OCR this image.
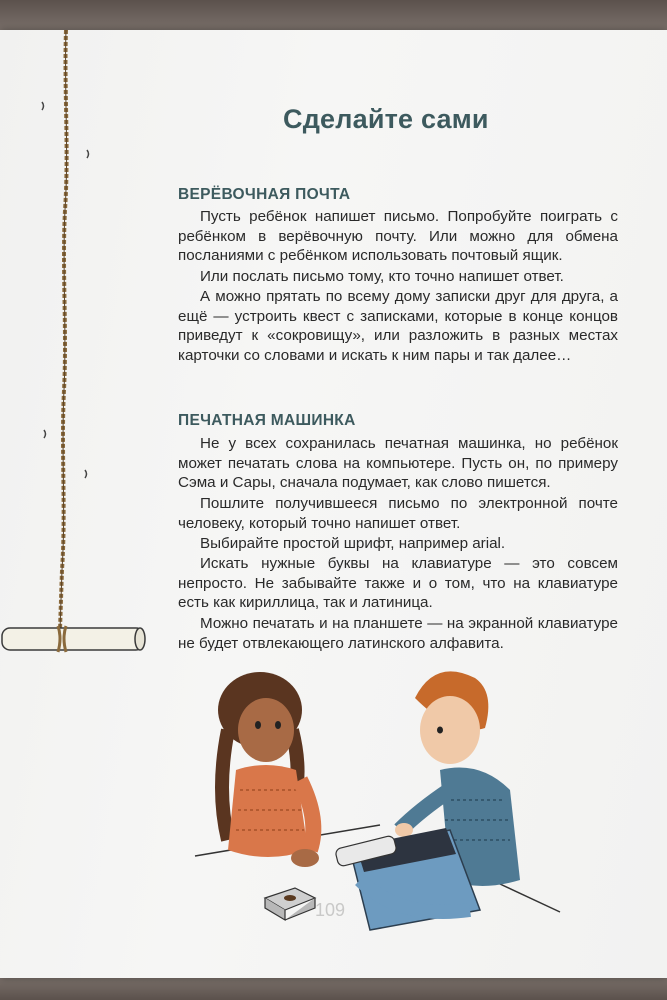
Сделайте сами
ВЕРЁВОЧНАЯ ПОЧТА

Пусть ребёнок напишет письмо. Попробуйте поиграть с ребёнком в верёвочную почту. Или можно для обмена посланиями с ребёнком использовать почтовый ящик.

Или послать письмо тому, кто точно напишет ответ.

А можно прятать по всему дому записки друг для друга, а ещё — устроить квест с записками, которые в конце концов приведут к «сокровищу», или разложить в разных местах карточки со словами и искать к ним пары и так далее…

ПЕЧАТНАЯ МАШИНКА

Не у всех сохранилась печатная машинка, но ребёнок может печатать слова на компьютере. Пусть он, по примеру Сэма и Сары, сначала подумает, как слово пишется.

Пошлите получившееся письмо по электронной почте человеку, который точно напишет ответ.

Выбирайте простой шрифт, например arial.

Искать нужные буквы на клавиатуре — это совсем непросто. Не забывайте также и о том, что на клавиатуре есть как кириллица, так и латиница.

Можно печатать и на планшете — на экранной клавиатуре не будет отвлекающего латинского алфавита.

109
